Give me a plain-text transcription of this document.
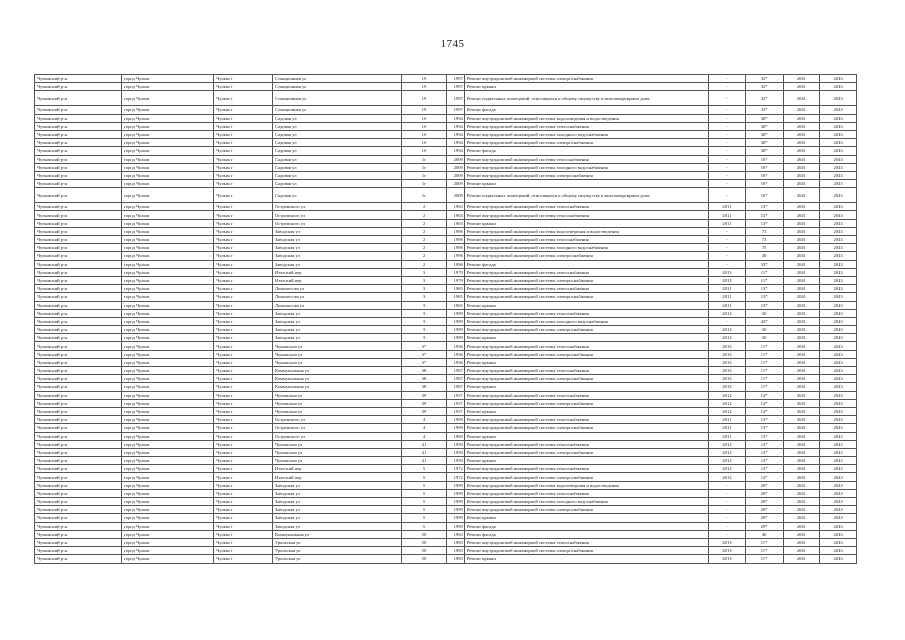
1745
Чулымский р-н	город Чулым	Чулым г	Станционная ул	19	1997	Ремонт внутридомовой инженерной системы электроснабжения	-	32*	2041	2043
Чулымский р-н	город Чулым	Чулым г	Станционная ул	19	1997	Ремонт крыши	-	32*	2041	2043
Чулымский р-н	город Чулым	Чулым г	Станционная ул	19	1997	Ремонт подвальных помещений, относящихся к общему имуществу в многоквартирном доме	-	32*	2041	2043
Чулымский р-н	город Чулым	Чулым г	Станционная ул	19	1997	Ремонт фасада	-	32*	2041	2043
Чулымский р-н	город Чулым	Чулым г	Садовая ул	1б	1994	Ремонт внутридомовой инженерной системы водоотведения и водостведения	-	36*	2041	2043
Чулымский р-н	город Чулым	Чулым г	Садовая ул	1б	1994	Ремонт внутридомовой инженерной системы теплоснабжения	-	36*	2041	2043
Чулымский р-н	город Чулым	Чулым г	Садовая ул	1б	1994	Ремонт внутридомовой инженерной системы холодного водоснабжения	-	36*	2041	2043
Чулымский р-н	город Чулым	Чулым г	Садовая ул	1б	1994	Ремонт внутридомовой инженерной системы электроснабжения	-	36*	2041	2043
Чулымский р-н	город Чулым	Чулым г	Садовая ул	1б	1994	Ремонт фасада	-	36*	2041	2043
Чулымский р-н	город Чулым	Чулым г	Садовая ул	1г	2009	Ремонт внутридомовой инженерной системы теплоснабжения	-	16*	2041	2043
Чулымский р-н	город Чулым	Чулым г	Садовая ул	1г	2009	Ремонт внутридомовой инженерной системы холодного водоснабжения	-	16*	2041	2043
Чулымский р-н	город Чулым	Чулым г	Садовая ул	1г	2009	Ремонт внутридомовой инженерной системы электроснабжения	-	16*	2041	2043
Чулымский р-н	город Чулым	Чулым г	Садовая ул	1г	2009	Ремонт крыши	-	16*	2041	2043
Чулымский р-н	город Чулым	Чулым г	Садовая ул	1г	2009	Ремонт подвальных помещений, относящихся к общему имуществу в многоквартирном доме	-	16*	2041	2043
Чулымский р-н	город Чулым	Чулым г	Островского ул	2	1963	Ремонт внутридомовой инженерной системы теплоснабжения	2011	13*	2041	2043
Чулымский р-н	город Чулым	Чулым г	Островского ул	2	1963	Ремонт внутридомовой инженерной системы теплоснабжения	2011	13*	2041	2043
Чулымский р-н	город Чулым	Чулым г	Островского ул	2	1963	Ремонт крыши	2011	13*	2041	2043
Чулымский р-н	город Чулым	Чулым г	Заводская ул	2	1996	Ремонт внутридомовой инженерной системы водоотведения и водостведения	-	73	2041	2043
Чулымский р-н	город Чулым	Чулым г	Заводская ул	2	1996	Ремонт внутридомовой инженерной системы теплоснабжения	-	73	2041	2043
Чулымский р-н	город Чулым	Чулым г	Заводская ул	2	1996	Ремонт внутридомовой инженерной системы холодного водоснабжения	-	75	2041	2043
Чулымский р-н	город Чулым	Чулым г	Заводская ул	2	1996	Ремонт внутридомовой инженерной системы электроснабжения	-	40	2041	2043
Чулымский р-н	город Чулым	Чулым г	Заводская ул	2	1996	Ремонт фасада	-	33*	2041	2043
Чулымский р-н	город Чулым	Чулым г	Итатский пер	3	1979	Ремонт внутридомовой инженерной системы теплоснабжения	2013	11*	2041	2043
Чулымский р-н	город Чулым	Чулым г	Итатский пер	3	1979	Ремонт внутридомовой инженерной системы электроснабжения	2013	11*	2041	2043
Чулымский р-н	город Чулым	Чулым г	Ломоносова ул	3	1965	Ремонт внутридомовой инженерной системы теплоснабжения	2011	13*	2041	2043
Чулымский р-н	город Чулым	Чулым г	Ломоносова ул	3	1965	Ремонт внутридомовой инженерной системы электроснабжения	2011	13*	2041	2043
Чулымский р-н	город Чулым	Чулым г	Ломоносова ул	3	1965	Ремонт крыши	2011	13*	2041	2043
Чулымский р-н	город Чулым	Чулым г	Заводская ул	3	1989	Ремонт внутридомовой инженерной системы теплоснабжения	2012	20	2041	2043
Чулымский р-н	город Чулым	Чулым г	Заводская ул	3	1989	Ремонт внутридомовой инженерной системы холодного водоснабжения	-	43*	2041	2043
Чулымский р-н	город Чулым	Чулым г	Заводская ул	3	1989	Ремонт внутридомовой инженерной системы электроснабжения	2012	20	2041	2043
Чулымский р-н	город Чулым	Чулым г	Заводская ул	3	1989	Ремонт крыши	2012	20	2041	2043
Чулымский р-н	город Чулым	Чулым г	Чулымская ул	37	1956	Ремонт внутридомовой инженерной системы теплоснабжения	2013	11*	2041	2043
Чулымский р-н	город Чулым	Чулым г	Чулымская ул	37	1956	Ремонт внутридомовой инженерной системы электроснабжения	2013	11*	2041	2043
Чулымский р-н	город Чулым	Чулым г	Чулымская ул	37	1956	Ремонт крыши	2013	11*	2041	2043
Чулымский р-н	город Чулым	Чулым г	Коммунальная ул	38	1967	Ремонт внутридомовой инженерной системы теплоснабжения	2013	11*	2041	2043
Чулымский р-н	город Чулым	Чулым г	Коммунальная ул	38	1967	Ремонт внутридомовой инженерной системы электроснабжения	2013	11*	2041	2043
Чулымский р-н	город Чулым	Чулым г	Коммунальная ул	38	1967	Ремонт крыши	2013	11*	2041	2043
Чулымский р-н	город Чулым	Чулым г	Чулымская ул	39	1957	Ремонт внутридомовой инженерной системы теплоснабжения	2012	12*	2041	2043
Чулымский р-н	город Чулым	Чулым г	Чулымская ул	39	1957	Ремонт внутридомовой инженерной системы электроснабжения	2012	12*	2041	2043
Чулымский р-н	город Чулым	Чулым г	Чулымская ул	39	1957	Ремонт крыши	2012	12*	2041	2043
Чулымский р-н	город Чулым	Чулым г	Островского ул	4	1969	Ремонт внутридомовой инженерной системы теплоснабжения	2011	13*	2041	2043
Чулымский р-н	город Чулым	Чулым г	Островского ул	4	1969	Ремонт внутридомовой инженерной системы электроснабжения	2011	13*	2041	2043
Чулымский р-н	город Чулым	Чулым г	Островского ул	4	1969	Ремонт крыши	2011	13*	2041	2043
Чулымский р-н	город Чулым	Чулым г	Чулымская ул	41	1959	Ремонт внутридомовой инженерной системы теплоснабжения	2012	12*	2041	2043
Чулымский р-н	город Чулым	Чулым г	Чулымская ул	41	1959	Ремонт внутридомовой инженерной системы электроснабжения	2012	12*	2041	2043
Чулымский р-н	город Чулым	Чулым г	Чулымская ул	41	1959	Ремонт крыши	2012	12*	2041	2043
Чулымский р-н	город Чулым	Чулым г	Итатский пер	5	1972	Ремонт внутридомовой инженерной системы теплоснабжения	2012	12*	2041	2043
Чулымский р-н	город Чулым	Чулым г	Итатский пер	5	1972	Ремонт внутридомовой инженерной системы электроснабжения	2012	12*	2041	2043
Чулымский р-н	город Чулым	Чулым г	Заводская ул	5	1999	Ремонт внутридомовой инженерной системы водоотведения и водостведения	-	29*	2041	2043
Чулымский р-н	город Чулым	Чулым г	Заводская ул	5	1999	Ремонт внутридомовой инженерной системы теплоснабжения	-	29*	2041	2043
Чулымский р-н	город Чулым	Чулым г	Заводская ул	5	1999	Ремонт внутридомовой инженерной системы холодного водоснабжения	-	29*	2041	2043
Чулымский р-н	город Чулым	Чулым г	Заводская ул	5	1999	Ремонт внутридомовой инженерной системы электроснабжения	-	29*	2041	2043
Чулымский р-н	город Чулым	Чулым г	Заводская ул	5	1999	Ремонт крыши	-	29*	2041	2043
Чулымский р-н	город Чулым	Чулым г	Заводская ул	5	1999	Ремонт фасада	-	29*	2041	2043
Чулымский р-н	город Чулым	Чулым г	Коммунальная ул	50	1963	Ремонт фасада	-	40	2041	2043
Чулымский р-н	город Чулым	Чулым г	Уральская ул	50	1983	Ремонт внутридомовой инженерной системы теплоснабжения	2013	11*	2041	2043
Чулымский р-н	город Чулым	Чулым г	Уральская ул	50	1983	Ремонт внутридомовой инженерной системы электроснабжения	2013	11*	2041	2043
Чулымский р-н	город Чулым	Чулым г	Уральская ул	50	1983	Ремонт крыши	2013	11*	2041	2043
